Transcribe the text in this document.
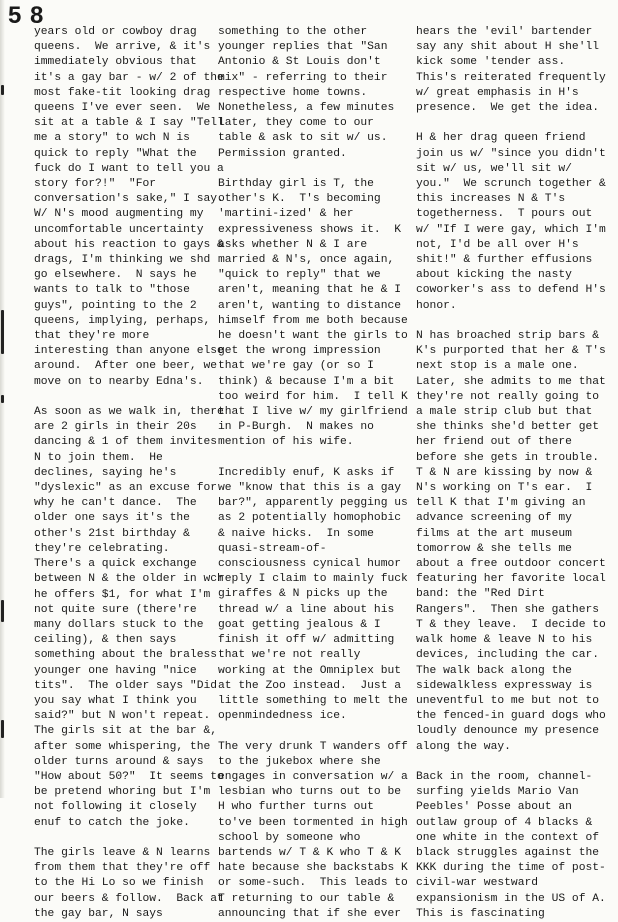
5 8

years old or cowboy drag
queens.  We arrive, & it's
immediately obvious that
it's a gay bar - w/ 2 of the
most fake-tit looking drag
queens I've ever seen.  We
sit at a table & I say "Tell
me a story" to wch N is
quick to reply "What the
fuck do I want to tell you a
story for?!"  "For
conversation's sake," I say.
W/ N's mood augmenting my
uncomfortable uncertainty
about his reaction to gays &
drags, I'm thinking we shd
go elsewhere.  N says he
wants to talk to "those
guys", pointing to the 2
queens, implying, perhaps,
that they're more
interesting than anyone else
around.  After one beer, we
move on to nearby Edna's.

As soon as we walk in, there
are 2 girls in their 20s
dancing & 1 of them invites
N to join them.  He
declines, saying he's
"dyslexic" as an excuse for
why he can't dance.  The
older one says it's the
other's 21st birthday &
they're celebrating.
There's a quick exchange
between N & the older in wch
he offers $1, for what I'm
not quite sure (there're
many dollars stuck to the
ceiling), & then says
something about the braless
younger one having "nice
tits".  The older says "Did
you say what I think you
said?" but N won't repeat.
The girls sit at the bar &,
after some whispering, the
older turns around & says
"How about 50?"  It seems to
be pretend whoring but I'm
not following it closely
enuf to catch the joke.

The girls leave & N learns
from them that they're off
to the Hi Lo so we finish
our beers & follow.  Back at
the gay bar, N says

something to the other
younger replies that "San
Antonio & St Louis don't
mix" - referring to their
respective home towns.
Nonetheless, a few minutes
later, they come to our
table & ask to sit w/ us.
Permission granted.

Birthday girl is T, the
other's K.  T's becoming
'martini-ized' & her
expressiveness shows it.  K
asks whether N & I are
married & N's, once again,
"quick to reply" that we
aren't, meaning that he & I
aren't, wanting to distance
himself from me both because
he doesn't want the girls to
get the wrong impression
that we're gay (or so I
think) & because I'm a bit
too weird for him.  I tell K
that I live w/ my girlfriend
in P-Burgh.  N makes no
mention of his wife.

Incredibly enuf, K asks if
we "know that this is a gay
bar?", apparently pegging us
as 2 potentially homophobic
& naive hicks.  In some
quasi-stream-of-
consciousness cynical humor
reply I claim to mainly fuck
giraffes & N picks up the
thread w/ a line about his
goat getting jealous & I
finish it off w/ admitting
that we're not really
working at the Omniplex but
at the Zoo instead.  Just a
little something to melt the
openmindedness ice.

The very drunk T wanders off
to the jukebox where she
engages in conversation w/ a
lesbian who turns out to be
H who further turns out
to've been tormented in high
school by someone who
bartends w/ T & K who T & K
hate because she backstabs K
or some-such.  This leads to
T returning to our table &
announcing that if she ever

hears the 'evil' bartender
say any shit about H she'll
kick some 'tender ass.
This's reiterated frequently
w/ great emphasis in H's
presence.  We get the idea.

H & her drag queen friend
join us w/ "since you didn't
sit w/ us, we'll sit w/
you."  We scrunch together &
this increases N & T's
togetherness.  T pours out
w/ "If I were gay, which I'm
not, I'd be all over H's
shit!" & further effusions
about kicking the nasty
coworker's ass to defend H's
honor.

N has broached strip bars &
K's purported that her & T's
next stop is a male one.
Later, she admits to me that
they're not really going to
a male strip club but that
she thinks she'd better get
her friend out of there
before she gets in trouble.
T & N are kissing by now &
N's working on T's ear.  I
tell K that I'm giving an
advance screening of my
films at the art museum
tomorrow & she tells me
about a free outdoor concert
featuring her favorite local
band: the "Red Dirt
Rangers".  Then she gathers
T & they leave.  I decide to
walk home & leave N to his
devices, including the car.
The walk back along the
sidewalkless expressway is
uneventful to me but not to
the fenced-in guard dogs who
loudly denounce my presence
along the way.

Back in the room, channel-
surfing yields Mario Van
Peebles' Posse about an
outlaw group of 4 blacks &
one white in the context of
black struggles against the
KKK during the time of post-
civil-war westward
expansionism in the US of A.
This is fascinating
